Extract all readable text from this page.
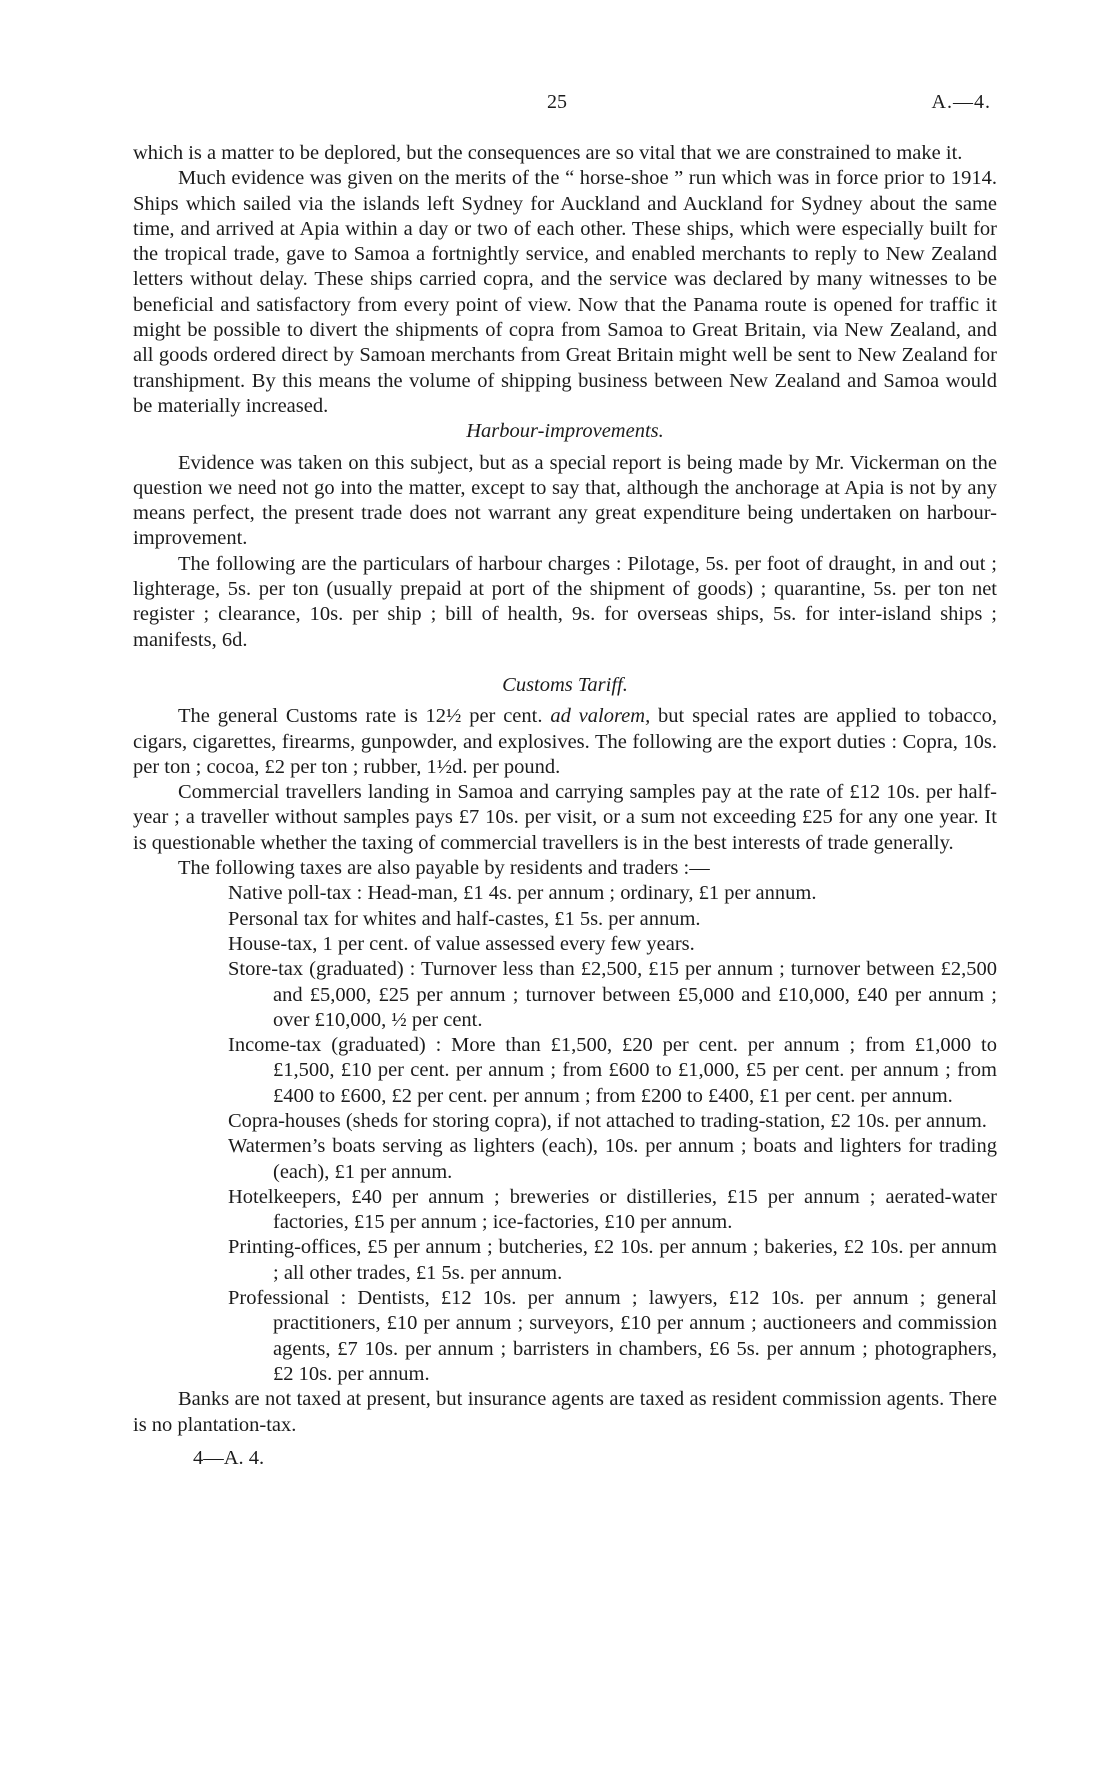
25	A.—4.

which is a matter to be deplored, but the consequences are so vital that we are constrained to make it.

Much evidence was given on the merits of the “ horse-shoe ” run which was in force prior to 1914. Ships which sailed via the islands left Sydney for Auckland and Auckland for Sydney about the same time, and arrived at Apia within a day or two of each other. These ships, which were especially built for the tropical trade, gave to Samoa a fortnightly service, and enabled merchants to reply to New Zealand letters without delay. These ships carried copra, and the service was declared by many witnesses to be beneficial and satisfactory from every point of view. Now that the Panama route is opened for traffic it might be possible to divert the shipments of copra from Samoa to Great Britain, via New Zealand, and all goods ordered direct by Samoan merchants from Great Britain might well be sent to New Zealand for transhipment. By this means the volume of shipping business between New Zealand and Samoa would be materially increased.

Harbour-improvements.

Evidence was taken on this subject, but as a special report is being made by Mr. Vickerman on the question we need not go into the matter, except to say that, although the anchorage at Apia is not by any means perfect, the present trade does not warrant any great expenditure being undertaken on harbour-improvement.

The following are the particulars of harbour charges : Pilotage, 5s. per foot of draught, in and out ; lighterage, 5s. per ton (usually prepaid at port of the shipment of goods) ; quarantine, 5s. per ton net register ; clearance, 10s. per ship ; bill of health, 9s. for overseas ships, 5s. for inter-island ships ; manifests, 6d.

Customs Tariff.

The general Customs rate is 12½ per cent. ad valorem, but special rates are applied to tobacco, cigars, cigarettes, firearms, gunpowder, and explosives. The following are the export duties : Copra, 10s. per ton ; cocoa, £2 per ton ; rubber, 1½d. per pound.

Commercial travellers landing in Samoa and carrying samples pay at the rate of £12 10s. per half-year ; a traveller without samples pays £7 10s. per visit, or a sum not exceeding £25 for any one year. It is questionable whether the taxing of commercial travellers is in the best interests of trade generally.

The following taxes are also payable by residents and traders :—

Native poll-tax : Head-man, £1 4s. per annum ; ordinary, £1 per annum.
Personal tax for whites and half-castes, £1 5s. per annum.
House-tax, 1 per cent. of value assessed every few years.
Store-tax (graduated) : Turnover less than £2,500, £15 per annum ; turnover between £2,500 and £5,000, £25 per annum ; turnover between £5,000 and £10,000, £40 per annum ; over £10,000, ½ per cent.
Income-tax (graduated) : More than £1,500, £20 per cent. per annum ; from £1,000 to £1,500, £10 per cent. per annum ; from £600 to £1,000, £5 per cent. per annum ; from £400 to £600, £2 per cent. per annum ; from £200 to £400, £1 per cent. per annum.
Copra-houses (sheds for storing copra), if not attached to trading-station, £2 10s. per annum.
Watermen’s boats serving as lighters (each), 10s. per annum ; boats and lighters for trading (each), £1 per annum.
Hotelkeepers, £40 per annum ; breweries or distilleries, £15 per annum ; aerated-water factories, £15 per annum ; ice-factories, £10 per annum.
Printing-offices, £5 per annum ; butcheries, £2 10s. per annum ; bakeries, £2 10s. per annum ; all other trades, £1 5s. per annum.
Professional : Dentists, £12 10s. per annum ; lawyers, £12 10s. per annum ; general practitioners, £10 per annum ; surveyors, £10 per annum ; auctioneers and commission agents, £7 10s. per annum ; barristers in chambers, £6 5s. per annum ; photographers, £2 10s. per annum.

Banks are not taxed at present, but insurance agents are taxed as resident commission agents. There is no plantation-tax.

4—A. 4.
